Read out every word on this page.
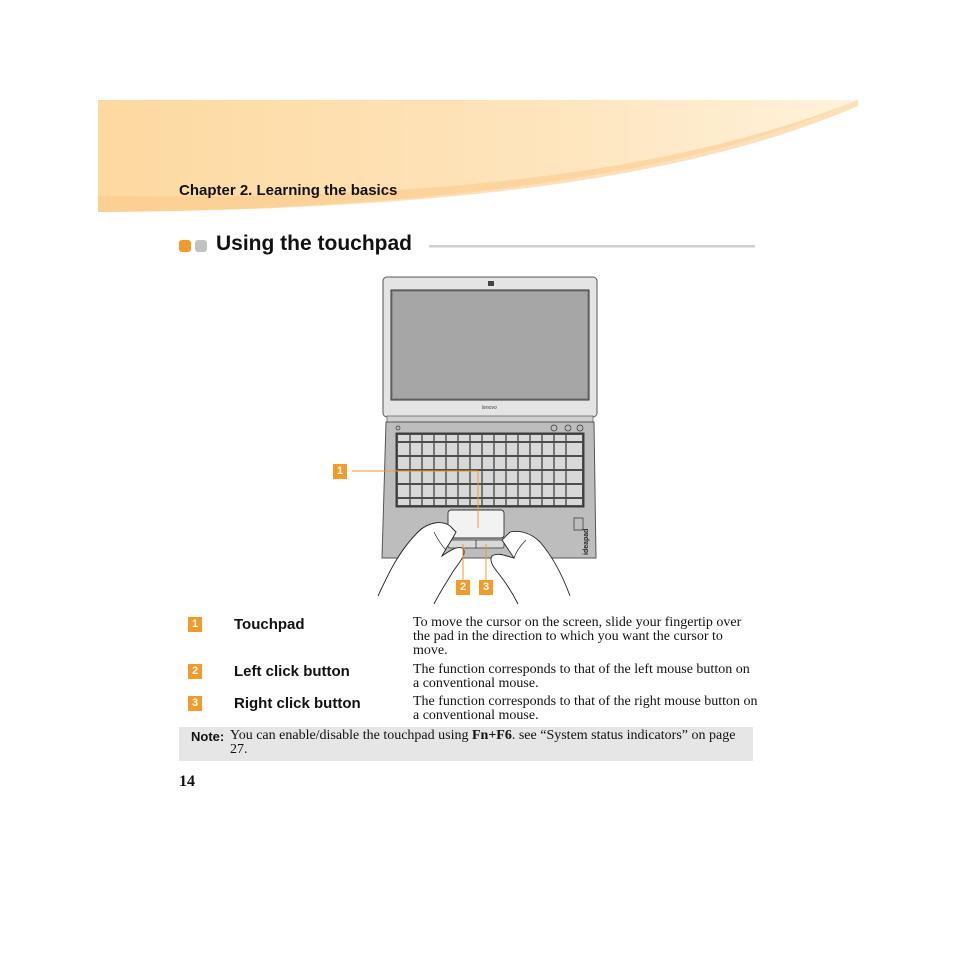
Chapter 2. Learning the basics
Using the touchpad
lenovo
ideapad
1
2	3
1 Touchpad	To move the cursor on the screen, slide your fingertip over the pad in the direction to which you want the cursor to move.
2 Left click button	The function corresponds to that of the left mouse button on a conventional mouse.
3 Right click button	The function corresponds to that of the right mouse button on a conventional mouse.
Note: You can enable/disable the touchpad using Fn+F6. see “System status indicators” on page 27.
14
